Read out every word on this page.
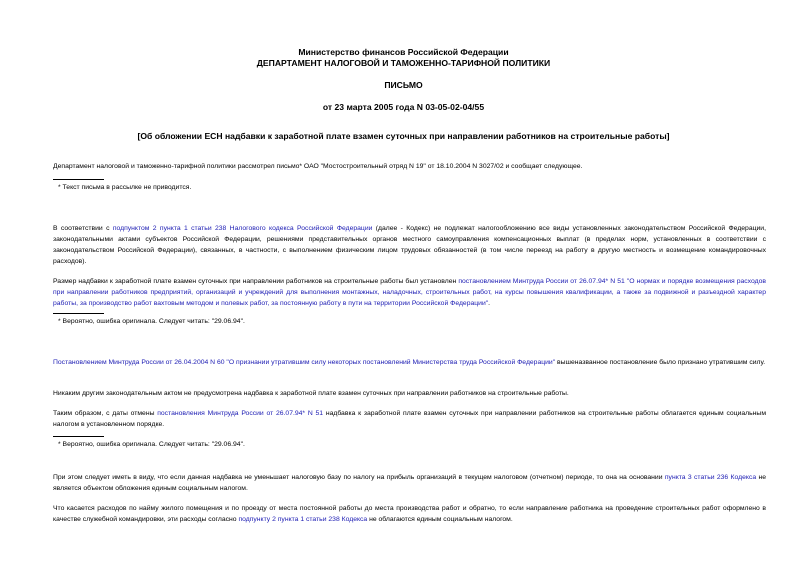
Министерство финансов Российской Федерации
ДЕПАРТАМЕНТ НАЛОГОВОЙ И ТАМОЖЕННО-ТАРИФНОЙ ПОЛИТИКИ
ПИСЬМО
от 23 марта 2005 года N 03-05-02-04/55
[Об обложении ЕСН надбавки к заработной плате взамен суточных при направлении работников на строительные работы]
Департамент налоговой и таможенно-тарифной политики рассмотрел письмо* ОАО "Мостостроительный отряд N 19" от 18.10.2004 N 3027/02 и сообщает следующее.
* Текст письма в рассылке не приводится.
В соответствии с подпунктом 2 пункта 1 статьи 238 Налогового кодекса Российской Федерации (далее - Кодекс) не подлежат налогообложению все виды установленных законодательством Российской Федерации, законодательными актами субъектов Российской Федерации, решениями представительных органов местного самоуправления компенсационных выплат (в пределах норм, установленных в соответствии с законодательством Российской Федерации), связанных, в частности, с выполнением физическим лицом трудовых обязанностей (в том числе переезд на работу в другую местность и возмещение командировочных расходов).
Размер надбавки к заработной плате взамен суточных при направлении работников на строительные работы был установлен постановлением Минтруда России от 26.07.94* N 51 "О нормах и порядке возмещения расходов при направлении работников предприятий, организаций и учреждений для выполнения монтажных, наладочных, строительных работ, на курсы повышения квалификации, а также за подвижной и разъездной характер работы, за производство работ вахтовым методом и полевых работ, за постоянную работу в пути на территории Российской Федерации".
* Вероятно, ошибка оригинала. Следует читать: "29.06.94".
Постановлением Минтруда России от 26.04.2004 N 60 "О признании утратившим силу некоторых постановлений Министерства труда Российской Федерации" вышеназванное постановление было признано утратившим силу.
Никаким другим законодательным актом не предусмотрена надбавка к заработной плате взамен суточных при направлении работников на строительные работы.
Таким образом, с даты отмены постановления Минтруда России от 26.07.94* N 51 надбавка к заработной плате взамен суточных при направлении работников на строительные работы облагается единым социальным налогом в установленном порядке.
* Вероятно, ошибка оригинала. Следует читать: "29.06.94".
При этом следует иметь в виду, что если данная надбавка не уменьшает налоговую базу по налогу на прибыль организаций в текущем налоговом (отчетном) периоде, то она на основании пункта 3 статьи 236 Кодекса не является объектом обложения единым социальным налогом.
Что касается расходов по найму жилого помещения и по проезду от места постоянной работы до места производства работ и обратно, то если направление работника на проведение строительных работ оформлено в качестве служебной командировки, эти расходы согласно подпункту 2 пункта 1 статьи 238 Кодекса не облагаются единым социальным налогом.
